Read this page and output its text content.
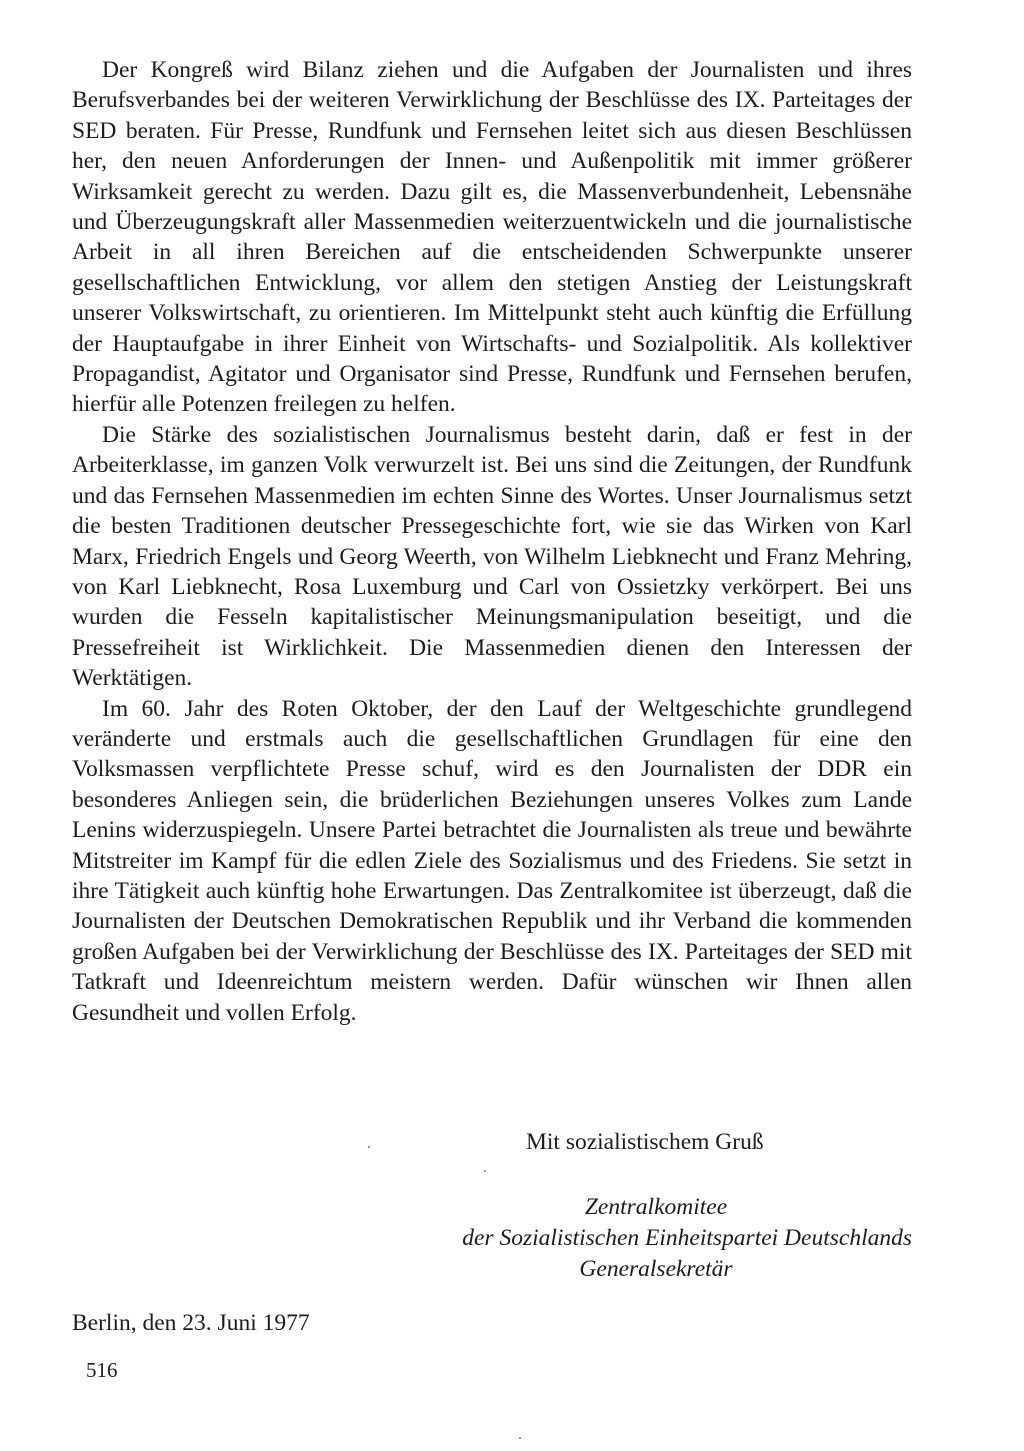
Der Kongreß wird Bilanz ziehen und die Aufgaben der Journalisten und ihres Berufsverbandes bei der weiteren Verwirklichung der Beschlüsse des IX. Parteitages der SED beraten. Für Presse, Rundfunk und Fernsehen leitet sich aus diesen Beschlüssen her, den neuen Anforderungen der Innen- und Außenpolitik mit immer größerer Wirksamkeit gerecht zu werden. Dazu gilt es, die Massenverbundenheit, Lebensnähe und Überzeugungskraft aller Massenmedien weiterzuentwickeln und die journalistische Arbeit in all ihren Bereichen auf die entscheidenden Schwerpunkte unserer gesellschaftlichen Entwicklung, vor allem den stetigen Anstieg der Leistungskraft unserer Volkswirtschaft, zu orientieren. Im Mittelpunkt steht auch künftig die Erfüllung der Hauptaufgabe in ihrer Einheit von Wirtschafts- und Sozialpolitik. Als kollektiver Propagandist, Agitator und Organisator sind Presse, Rundfunk und Fernsehen berufen, hierfür alle Potenzen freilegen zu helfen.

Die Stärke des sozialistischen Journalismus besteht darin, daß er fest in der Arbeiterklasse, im ganzen Volk verwurzelt ist. Bei uns sind die Zeitungen, der Rundfunk und das Fernsehen Massenmedien im echten Sinne des Wortes. Unser Journalismus setzt die besten Traditionen deutscher Pressegeschichte fort, wie sie das Wirken von Karl Marx, Friedrich Engels und Georg Weerth, von Wilhelm Liebknecht und Franz Mehring, von Karl Liebknecht, Rosa Luxemburg und Carl von Ossietzky verkörpert. Bei uns wurden die Fesseln kapitalistischer Meinungsmanipulation beseitigt, und die Pressefreiheit ist Wirklichkeit. Die Massenmedien dienen den Interessen der Werktätigen.

Im 60. Jahr des Roten Oktober, der den Lauf der Weltgeschichte grundlegend veränderte und erstmals auch die gesellschaftlichen Grundlagen für eine den Volksmassen verpflichtete Presse schuf, wird es den Journalisten der DDR ein besonderes Anliegen sein, die brüderlichen Beziehungen unseres Volkes zum Lande Lenins widerzuspiegeln. Unsere Partei betrachtet die Journalisten als treue und bewährte Mitstreiter im Kampf für die edlen Ziele des Sozialismus und des Friedens. Sie setzt in ihre Tätigkeit auch künftig hohe Erwartungen. Das Zentralkomitee ist überzeugt, daß die Journalisten der Deutschen Demokratischen Republik und ihr Verband die kommenden großen Aufgaben bei der Verwirklichung der Beschlüsse des IX. Parteitages der SED mit Tatkraft und Ideenreichtum meistern werden. Dafür wünschen wir Ihnen allen Gesundheit und vollen Erfolg.

Mit sozialistischem Gruß
Zentralkomitee
der Sozialistischen Einheitspartei Deutschlands
Generalsekretär
Berlin, den 23. Juni 1977
516
